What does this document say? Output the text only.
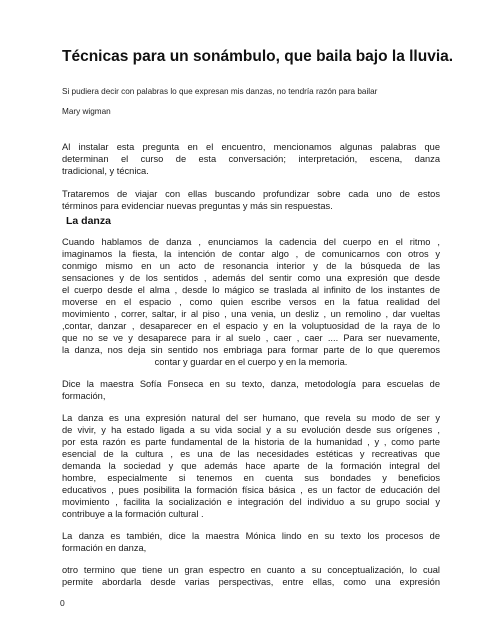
Técnicas para un sonámbulo, que baila bajo la lluvia.
Si pudiera decir con palabras lo que expresan mis danzas, no tendría razón para bailar
Mary wigman
Al instalar esta pregunta en el encuentro, mencionamos algunas palabras que
determinan el curso de esta conversación; interpretación, escena, danza
tradicional, y técnica.
Trataremos de viajar con ellas buscando profundizar sobre cada uno de estos
términos para evidenciar nuevas preguntas y más sin respuestas.
La danza
Cuando hablamos de danza , enunciamos la cadencia del cuerpo en el ritmo ,
imaginamos la fiesta, la intención de contar algo , de comunicarnos con otros y
conmigo mismo en un acto de resonancia interior y de la búsqueda de las
sensaciones y de los sentidos , además del sentir como una expresión que desde
el cuerpo desde el alma , desde lo mágico se traslada al infinito de los instantes de
moverse en el espacio , como quien escribe versos en la fatua realidad del
movimiento , correr, saltar, ir al piso , una venia, un desliz , un remolino , dar vueltas
,contar, danzar , desaparecer en el espacio y en la voluptuosidad de la raya de lo
que no se ve y desaparece para ir al suelo , caer , caer .... Para ser nuevamente,
la danza, nos deja sin sentido nos embriaga para formar parte de lo que queremos
contar y guardar en el cuerpo y en la memoria.
Dice la maestra Sofía Fonseca en su texto, danza, metodología para escuelas de
formación,
La danza es una expresión natural del ser humano, que revela su modo de ser y
de vivir, y ha estado ligada a su vida social y a su evolución desde sus orígenes ,
por esta razón es parte fundamental de la historia de la humanidad , y , como parte
esencial de la cultura , es una de las necesidades estéticas y recreativas que
demanda la sociedad y que además hace aparte de la formación integral del
hombre, especialmente si tenemos en cuenta sus bondades y beneficios
educativos , pues posibilita la formación física básica , es un factor de educación del
movimiento , facilita la socialización e integración del individuo a su grupo social y
contribuye a la formación cultural .
La danza es también, dice la maestra Mónica lindo en su texto los procesos de
formación en danza,
otro termino que tiene un gran espectro en cuanto a su conceptualización, lo cual
permite abordarla desde varias perspectivas, entre ellas, como una expresión
0
